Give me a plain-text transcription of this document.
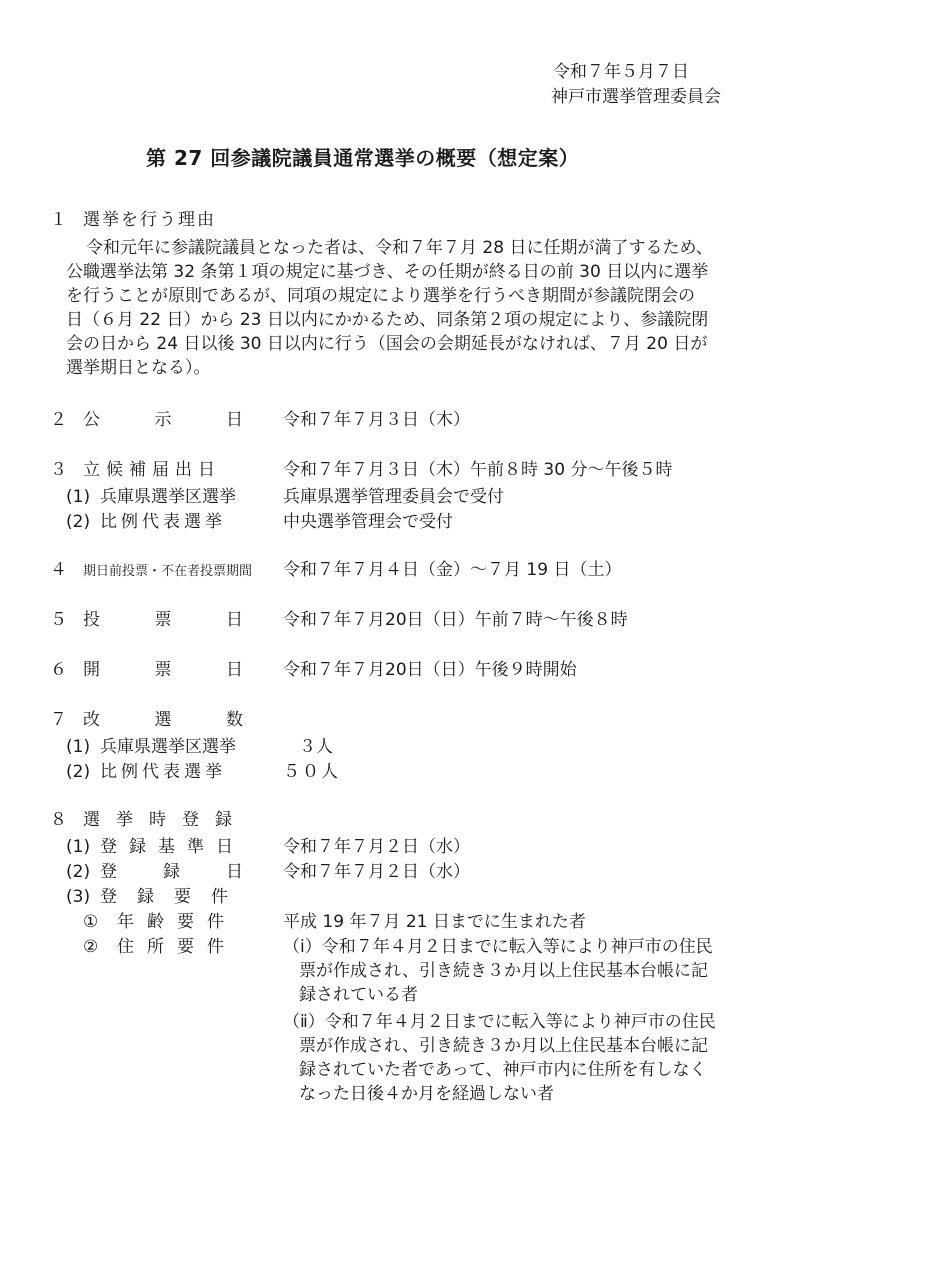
令和７年５月７日
神戸市選挙管理委員会
第 27 回参議院議員通常選挙の概要（想定案）
１ 選挙を行う理由

令和元年に参議院議員となった者は、令和７年７月 28 日に任期が満了するため、

公職選挙法第 32 条第１項の規定に基づき、その任期が終る日の前 30 日以内に選挙

を行うことが原則であるが、同項の規定により選挙を行うべき期間が参議院閉会の

日（６月 22 日）から 23 日以内にかかるため、同条第２項の規定により、参議院閉

会の日から 24 日以後 30 日以内に行う（国会の会期延長がなければ、７月 20 日が

選挙期日となる）。

２ 公	示	日 令和７年７月３日（木）
３ 立候補届出日	令和７年７月３日（木）午前８時 30 分～午後５時
(1) 兵庫県選挙区選挙	兵庫県選挙管理委員会で受付
(2) 比例代表選挙	中央選挙管理会で受付
４ 期日前投票・不在者投票期間 令和７年７月４日（金）～７月 19 日（土）
５ 投	票	日 令和７年７月20日（日）午前７時～午後８時
６ 開	票	日 令和７年７月20日（日）午後９時開始
７ 改	選	数
(1) 兵庫県選挙区選挙	３人
(2) 比例代表選挙	５０人
８ 選挙時登録
(1) 登録基準日 令和７年７月２日（水）
(2) 登	録	日 令和７年７月２日（水）
(3) 登録要件
① 年齢要件	平成 19 年７月 21 日までに生まれた者
② 住所要件	（ⅰ）令和７年４月２日までに転入等により神戸市の住民

票が作成され、引き続き３か月以上住民基本台帳に記

録されている者

（ⅱ）令和７年４月２日までに転入等により神戸市の住民

票が作成され、引き続き３か月以上住民基本台帳に記

録されていた者であって、神戸市内に住所を有しなく

なった日後４か月を経過しない者
